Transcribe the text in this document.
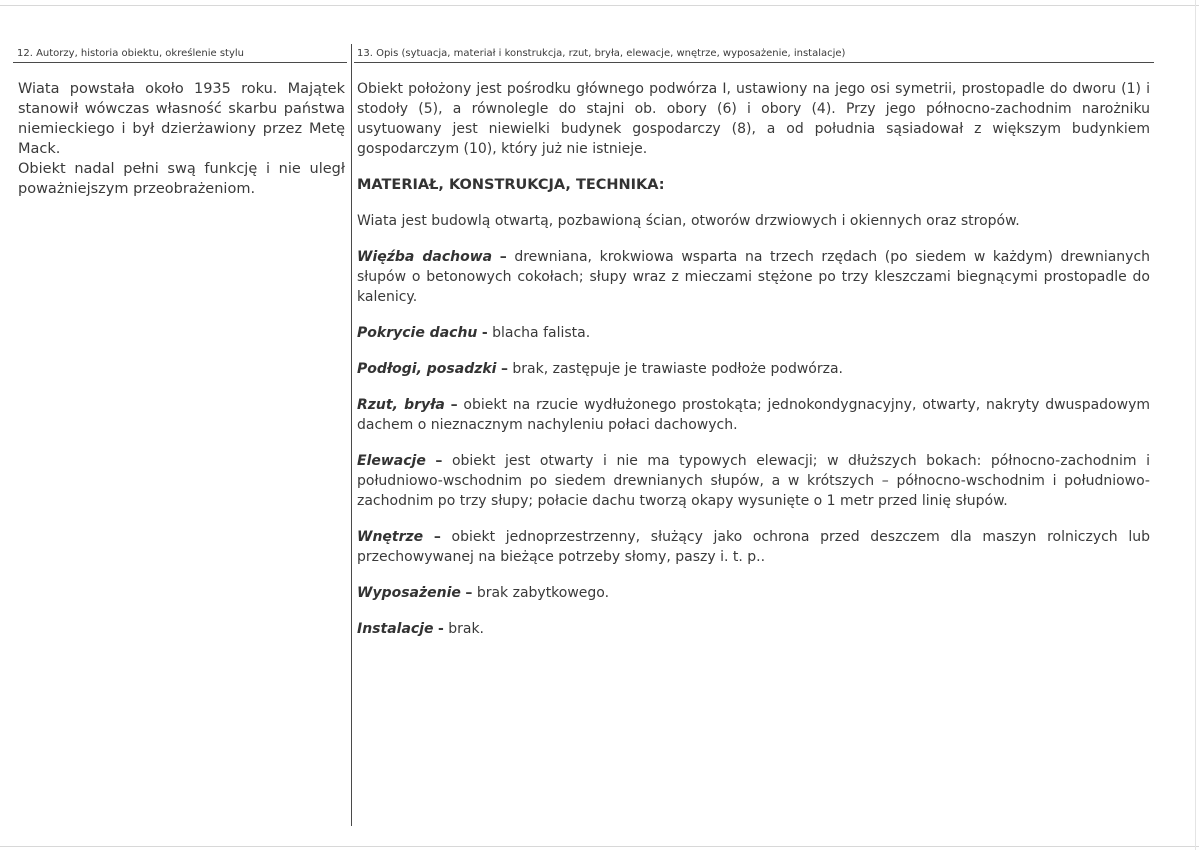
12. Autorzy, historia obiektu, określenie stylu	13. Opis (sytuacja, materiał i konstrukcja, rzut, bryła, elewacje, wnętrze, wyposażenie, instalacje)

Wiata powstała około 1935 roku. Majątek stanowił wówczas własność skarbu państwa niemieckiego i był dzierżawiony przez Metę Mack.

Obiekt nadal pełni swą funkcję i nie uległ poważniejszym przeobrażeniom.

Obiekt położony jest pośrodku głównego podwórza I, ustawiony na jego osi symetrii, prostopadle do dworu (1) i stodoły (5), a równolegle do stajni ob. obory (6) i obory (4). Przy jego północno-zachodnim narożniku usytuowany jest niewielki budynek gospodarczy (8), a od południa sąsiadował z większym budynkiem gospodarczym (10), który już nie istnieje.

MATERIAŁ, KONSTRUKCJA, TECHNIKA:

Wiata jest budowlą otwartą, pozbawioną ścian, otworów drzwiowych i okiennych oraz stropów.

Więźba dachowa – drewniana, krokwiowa wsparta na trzech rzędach (po siedem w każdym) drewnianych słupów o betonowych cokołach; słupy wraz z mieczami stężone po trzy kleszczami biegnącymi prostopadle do kalenicy.

Pokrycie dachu - blacha falista.

Podłogi, posadzki – brak, zastępuje je trawiaste podłoże podwórza.

Rzut, bryła – obiekt na rzucie wydłużonego prostokąta; jednokondygnacyjny, otwarty, nakryty dwuspadowym dachem o nieznacznym nachyleniu połaci dachowych.

Elewacje – obiekt jest otwarty i nie ma typowych elewacji; w dłuższych bokach: północno-zachodnim i południowo-wschodnim po siedem drewnianych słupów, a w krótszych – północno-wschodnim i południowo-zachodnim po trzy słupy; połacie dachu tworzą okapy wysunięte o 1 metr przed linię słupów.

Wnętrze – obiekt jednoprzestrzenny, służący jako ochrona przed deszczem dla maszyn rolniczych lub przechowywanej na bieżące potrzeby słomy, paszy i. t. p..

Wyposażenie – brak zabytkowego.

Instalacje - brak.
